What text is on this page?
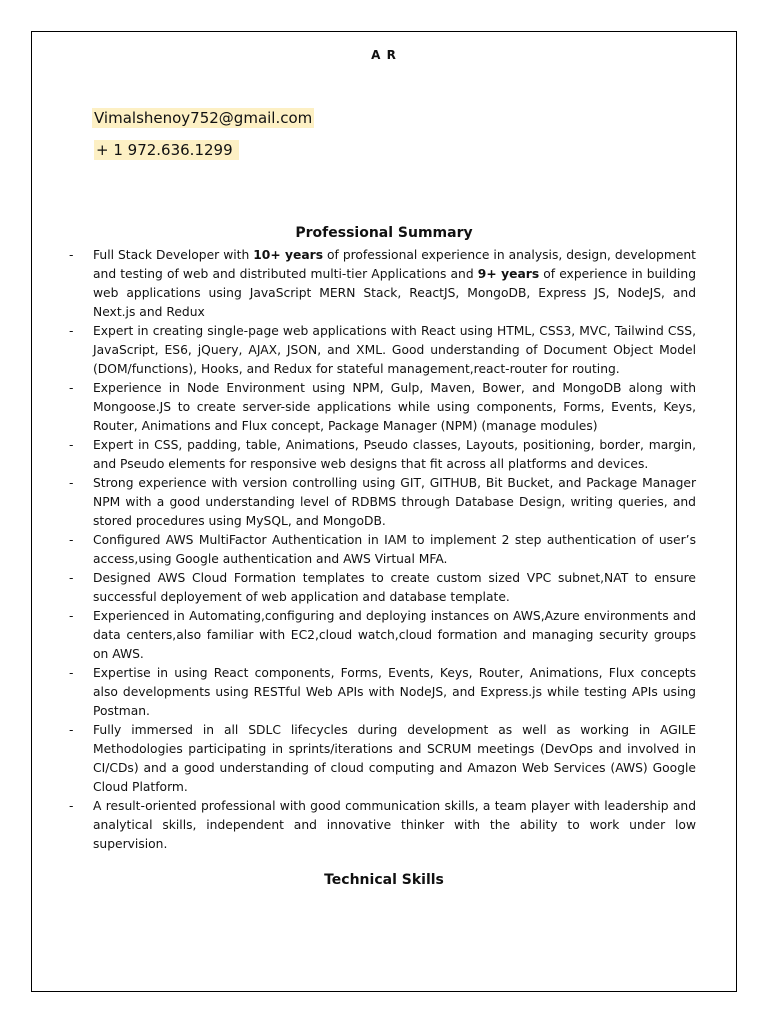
A R
Vimalshenoy752@gmail.com
+ 1 972.636.1299
Professional Summary
- Full Stack Developer with 10+ years of professional experience in analysis, design, development and testing of web and distributed multi-tier Applications and 9+ years of experience in building web applications using JavaScript MERN Stack, ReactJS, MongoDB, Express JS, NodeJS, and Next.js and Redux
- Expert in creating single-page web applications with React using HTML, CSS3, MVC, Tailwind CSS, JavaScript, ES6, jQuery, AJAX, JSON, and XML. Good understanding of Document Object Model (DOM/functions), Hooks, and Redux for stateful management,react-router for routing.
- Experience in Node Environment using NPM, Gulp, Maven, Bower, and MongoDB along with Mongoose.JS to create server-side applications while using components, Forms, Events, Keys, Router, Animations and Flux concept, Package Manager (NPM) (manage modules)
- Expert in CSS, padding, table, Animations, Pseudo classes, Layouts, positioning, border, margin, and Pseudo elements for responsive web designs that fit across all platforms and devices.
- Strong experience with version controlling using GIT, GITHUB, Bit Bucket, and Package Manager NPM with a good understanding level of RDBMS through Database Design, writing queries, and stored procedures using MySQL, and MongoDB.
- Configured AWS MultiFactor Authentication in IAM to implement 2 step authentication of user’s access,using Google authentication and AWS Virtual MFA.
- Designed AWS Cloud Formation templates to create custom sized VPC subnet,NAT to ensure successful deployement of web application and database template.
- Experienced in Automating,configuring and deploying instances on AWS,Azure environments and data centers,also familiar with EC2,cloud watch,cloud formation and managing security groups              on AWS.
- Expertise in using React components, Forms, Events, Keys, Router, Animations, Flux concepts also developments using RESTful Web APIs with NodeJS, and Express.js while testing APIs using Postman.
- Fully immersed in all SDLC lifecycles during development as well as working in AGILE Methodologies participating in sprints/iterations and SCRUM meetings (DevOps and involved in CI/CDs) and a good understanding of cloud computing and Amazon Web Services (AWS) Google Cloud Platform.
- A result-oriented professional with good communication skills, a team player with leadership and analytical skills, independent and innovative thinker with the ability to work under low supervision.
Technical Skills
